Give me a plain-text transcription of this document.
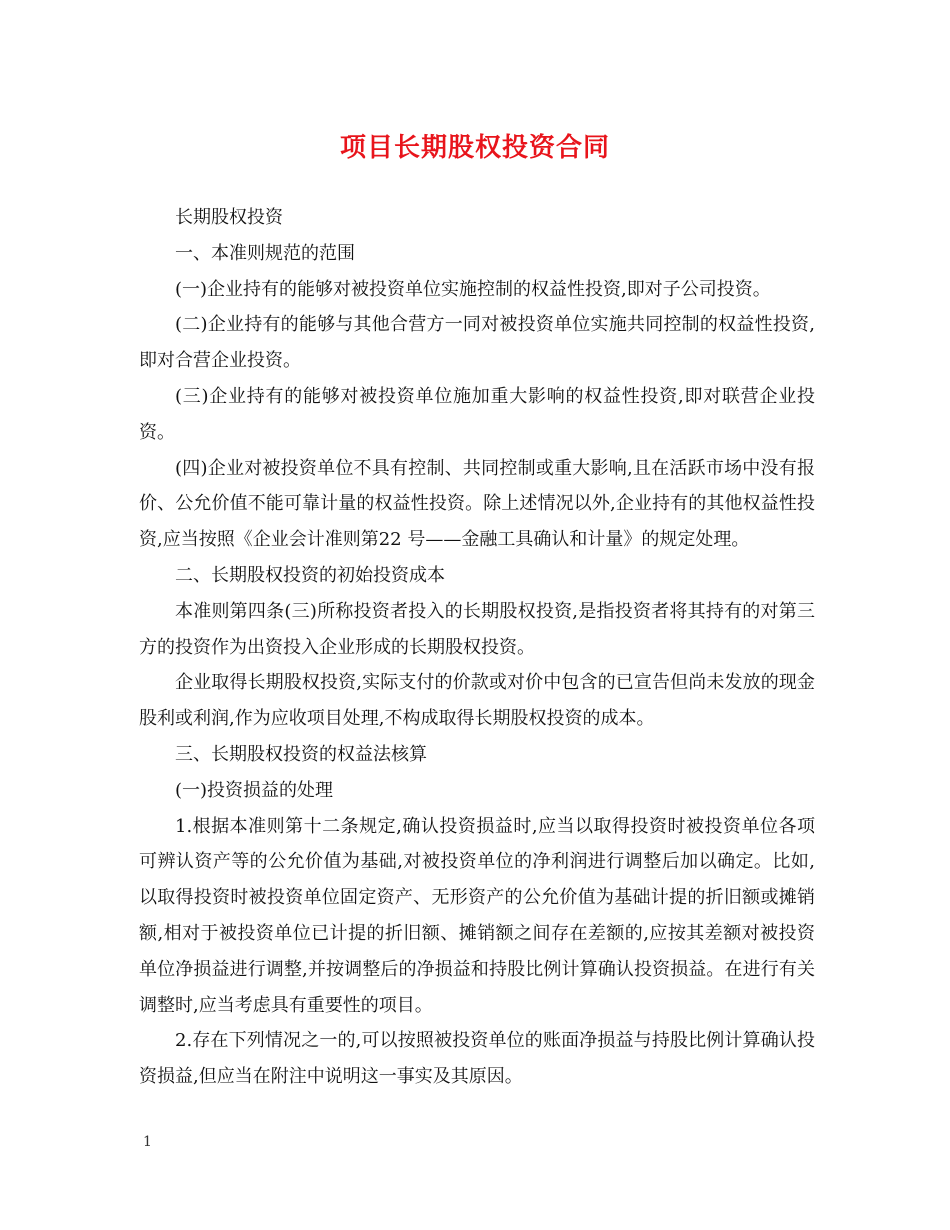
项目长期股权投资合同

长期股权投资

一、本准则规范的范围

(一)企业持有的能够对被投资单位实施控制的权益性投资,即对子公司投资。

(二)企业持有的能够与其他合营方一同对被投资单位实施共同控制的权益性投资,即对合营企业投资。

(三)企业持有的能够对被投资单位施加重大影响的权益性投资,即对联营企业投资。

(四)企业对被投资单位不具有控制、共同控制或重大影响,且在活跃市场中没有报价、公允价值不能可靠计量的权益性投资。除上述情况以外,企业持有的其他权益性投资,应当按照《企业会计准则第22 号——金融工具确认和计量》的规定处理。

二、长期股权投资的初始投资成本

本准则第四条(三)所称投资者投入的长期股权投资,是指投资者将其持有的对第三方的投资作为出资投入企业形成的长期股权投资。

企业取得长期股权投资,实际支付的价款或对价中包含的已宣告但尚未发放的现金股利或利润,作为应收项目处理,不构成取得长期股权投资的成本。

三、长期股权投资的权益法核算

(一)投资损益的处理

1.根据本准则第十二条规定,确认投资损益时,应当以取得投资时被投资单位各项可辨认资产等的公允价值为基础,对被投资单位的净利润进行调整后加以确定。比如,以取得投资时被投资单位固定资产、无形资产的公允价值为基础计提的折旧额或摊销额,相对于被投资单位已计提的折旧额、摊销额之间存在差额的,应按其差额对被投资单位净损益进行调整,并按调整后的净损益和持股比例计算确认投资损益。在进行有关调整时,应当考虑具有重要性的项目。

2.存在下列情况之一的,可以按照被投资单位的账面净损益与持股比例计算确认投资损益,但应当在附注中说明这一事实及其原因。

1
